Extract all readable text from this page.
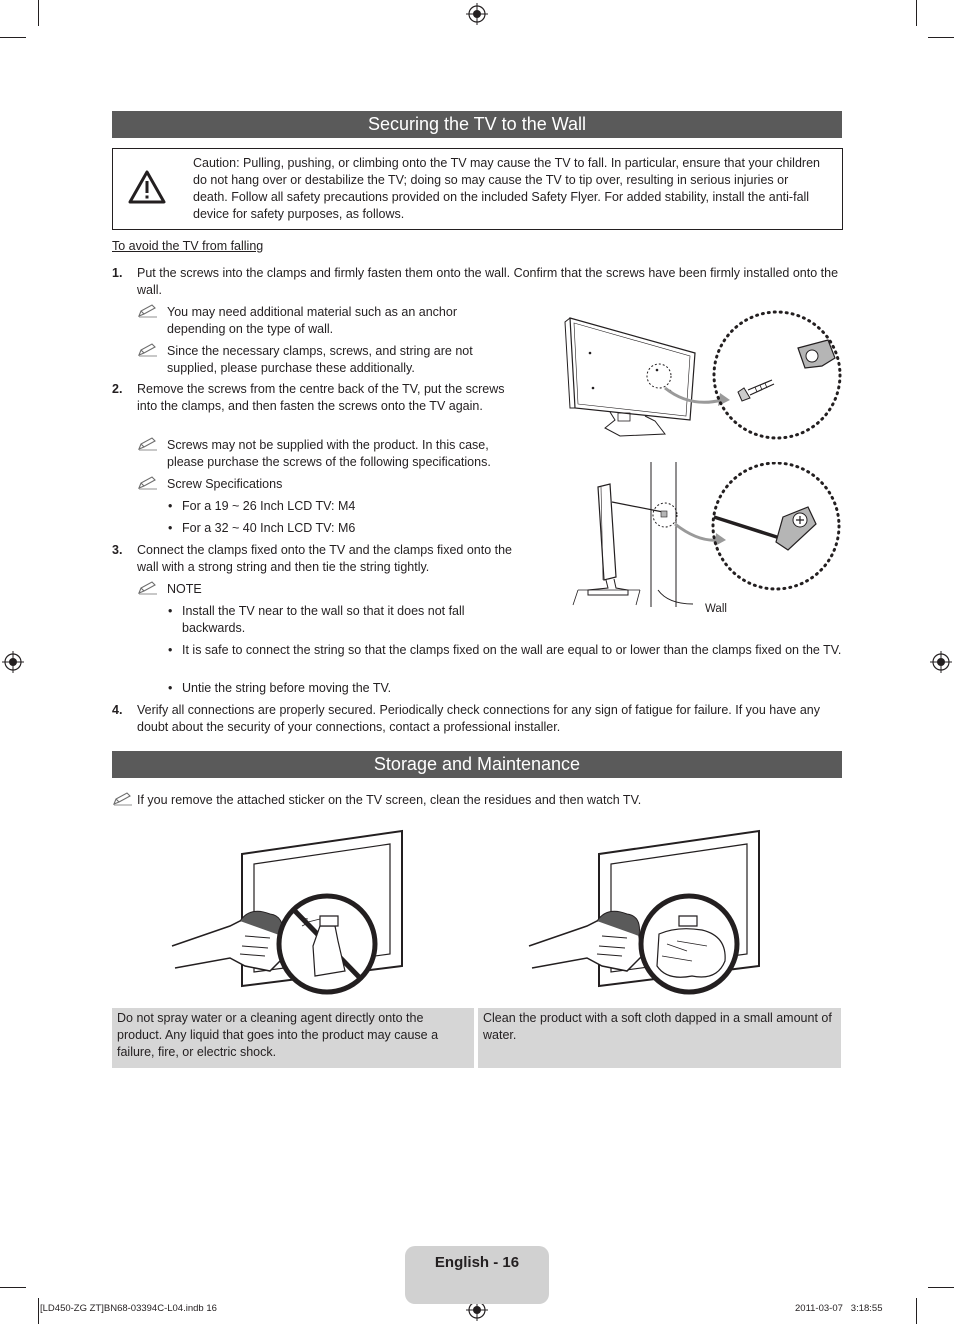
Securing the TV to the Wall
Caution: Pulling, pushing, or climbing onto the TV may cause the TV to fall. In particular, ensure that your children do not hang over or destabilize the TV; doing so may cause the TV to tip over, resulting in serious injuries or death. Follow all safety precautions provided on the included Safety Flyer. For added stability, install the anti-fall device for safety purposes, as follows.
To avoid the TV from falling
1. Put the screws into the clamps and firmly fasten them onto the wall. Confirm that the screws have been firmly installed onto the wall.
You may need additional material such as an anchor depending on the type of wall.
Since the necessary clamps, screws, and string are not supplied, please purchase these additionally.
2. Remove the screws from the centre back of the TV, put the screws into the clamps, and then fasten the screws onto the TV again.
Screws may not be supplied with the product. In this case, please purchase the screws of the following specifications.
Screw Specifications
• For a 19 ~ 26 Inch LCD TV: M4
• For a 32 ~ 40 Inch LCD TV: M6
3. Connect the clamps fixed onto the TV and the clamps fixed onto the wall with a strong string and then tie the string tightly.
NOTE
• Install the TV near to the wall so that it does not fall backwards.
• It is safe to connect the string so that the clamps fixed on the wall are equal to or lower than the clamps fixed on the TV.
• Untie the string before moving the TV.
4. Verify all connections are properly secured. Periodically check connections for any sign of fatigue for failure. If you have any doubt about the security of your connections, contact a professional installer.
Wall
Storage and Maintenance
If you remove the attached sticker on the TV screen, clean the residues and then watch TV.
Do not spray water or a cleaning agent directly onto the product. Any liquid that goes into the product may cause a failure, fire, or electric shock.
Clean the product with a soft cloth dapped in a small amount of water.
English - 16
[LD450-ZG ZT]BN68-03394C-L04.indb 16	2011-03-07   3:18:55
